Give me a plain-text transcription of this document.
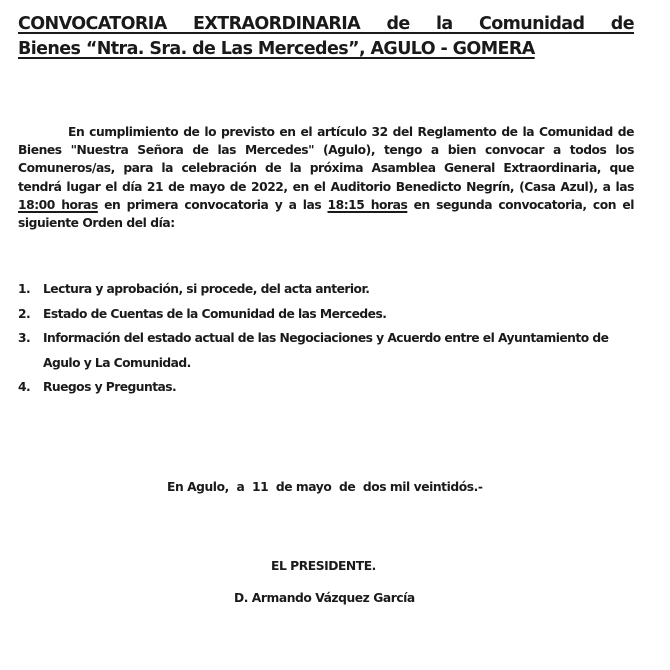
CONVOCATORIA EXTRAORDINARIA de la Comunidad de
Bienes “Ntra. Sra. de Las Mercedes”, AGULO - GOMERA

En cumplimiento de lo previsto en el artículo 32 del Reglamento de la Comunidad de Bienes "Nuestra Señora de las Mercedes" (Agulo), tengo a bien convocar a todos los Comuneros/as, para la celebración de la próxima Asamblea General Extraordinaria, que tendrá lugar el día 21 de mayo de 2022, en el Auditorio Benedicto Negrín, (Casa Azul), a las 18:00 horas en primera convocatoria y a las 18:15 horas en segunda convocatoria, con el siguiente Orden del día:

1.	Lectura y aprobación, si procede, del acta anterior.
2.	Estado de Cuentas de la Comunidad de las Mercedes.
3.	Información del estado actual de las Negociaciones y Acuerdo entre el Ayuntamiento de Agulo y La Comunidad.
4.	Ruegos y Preguntas.

En Agulo,  a  11  de mayo  de  dos mil veintidós.-

EL PRESIDENTE.

D. Armando Vázquez García
